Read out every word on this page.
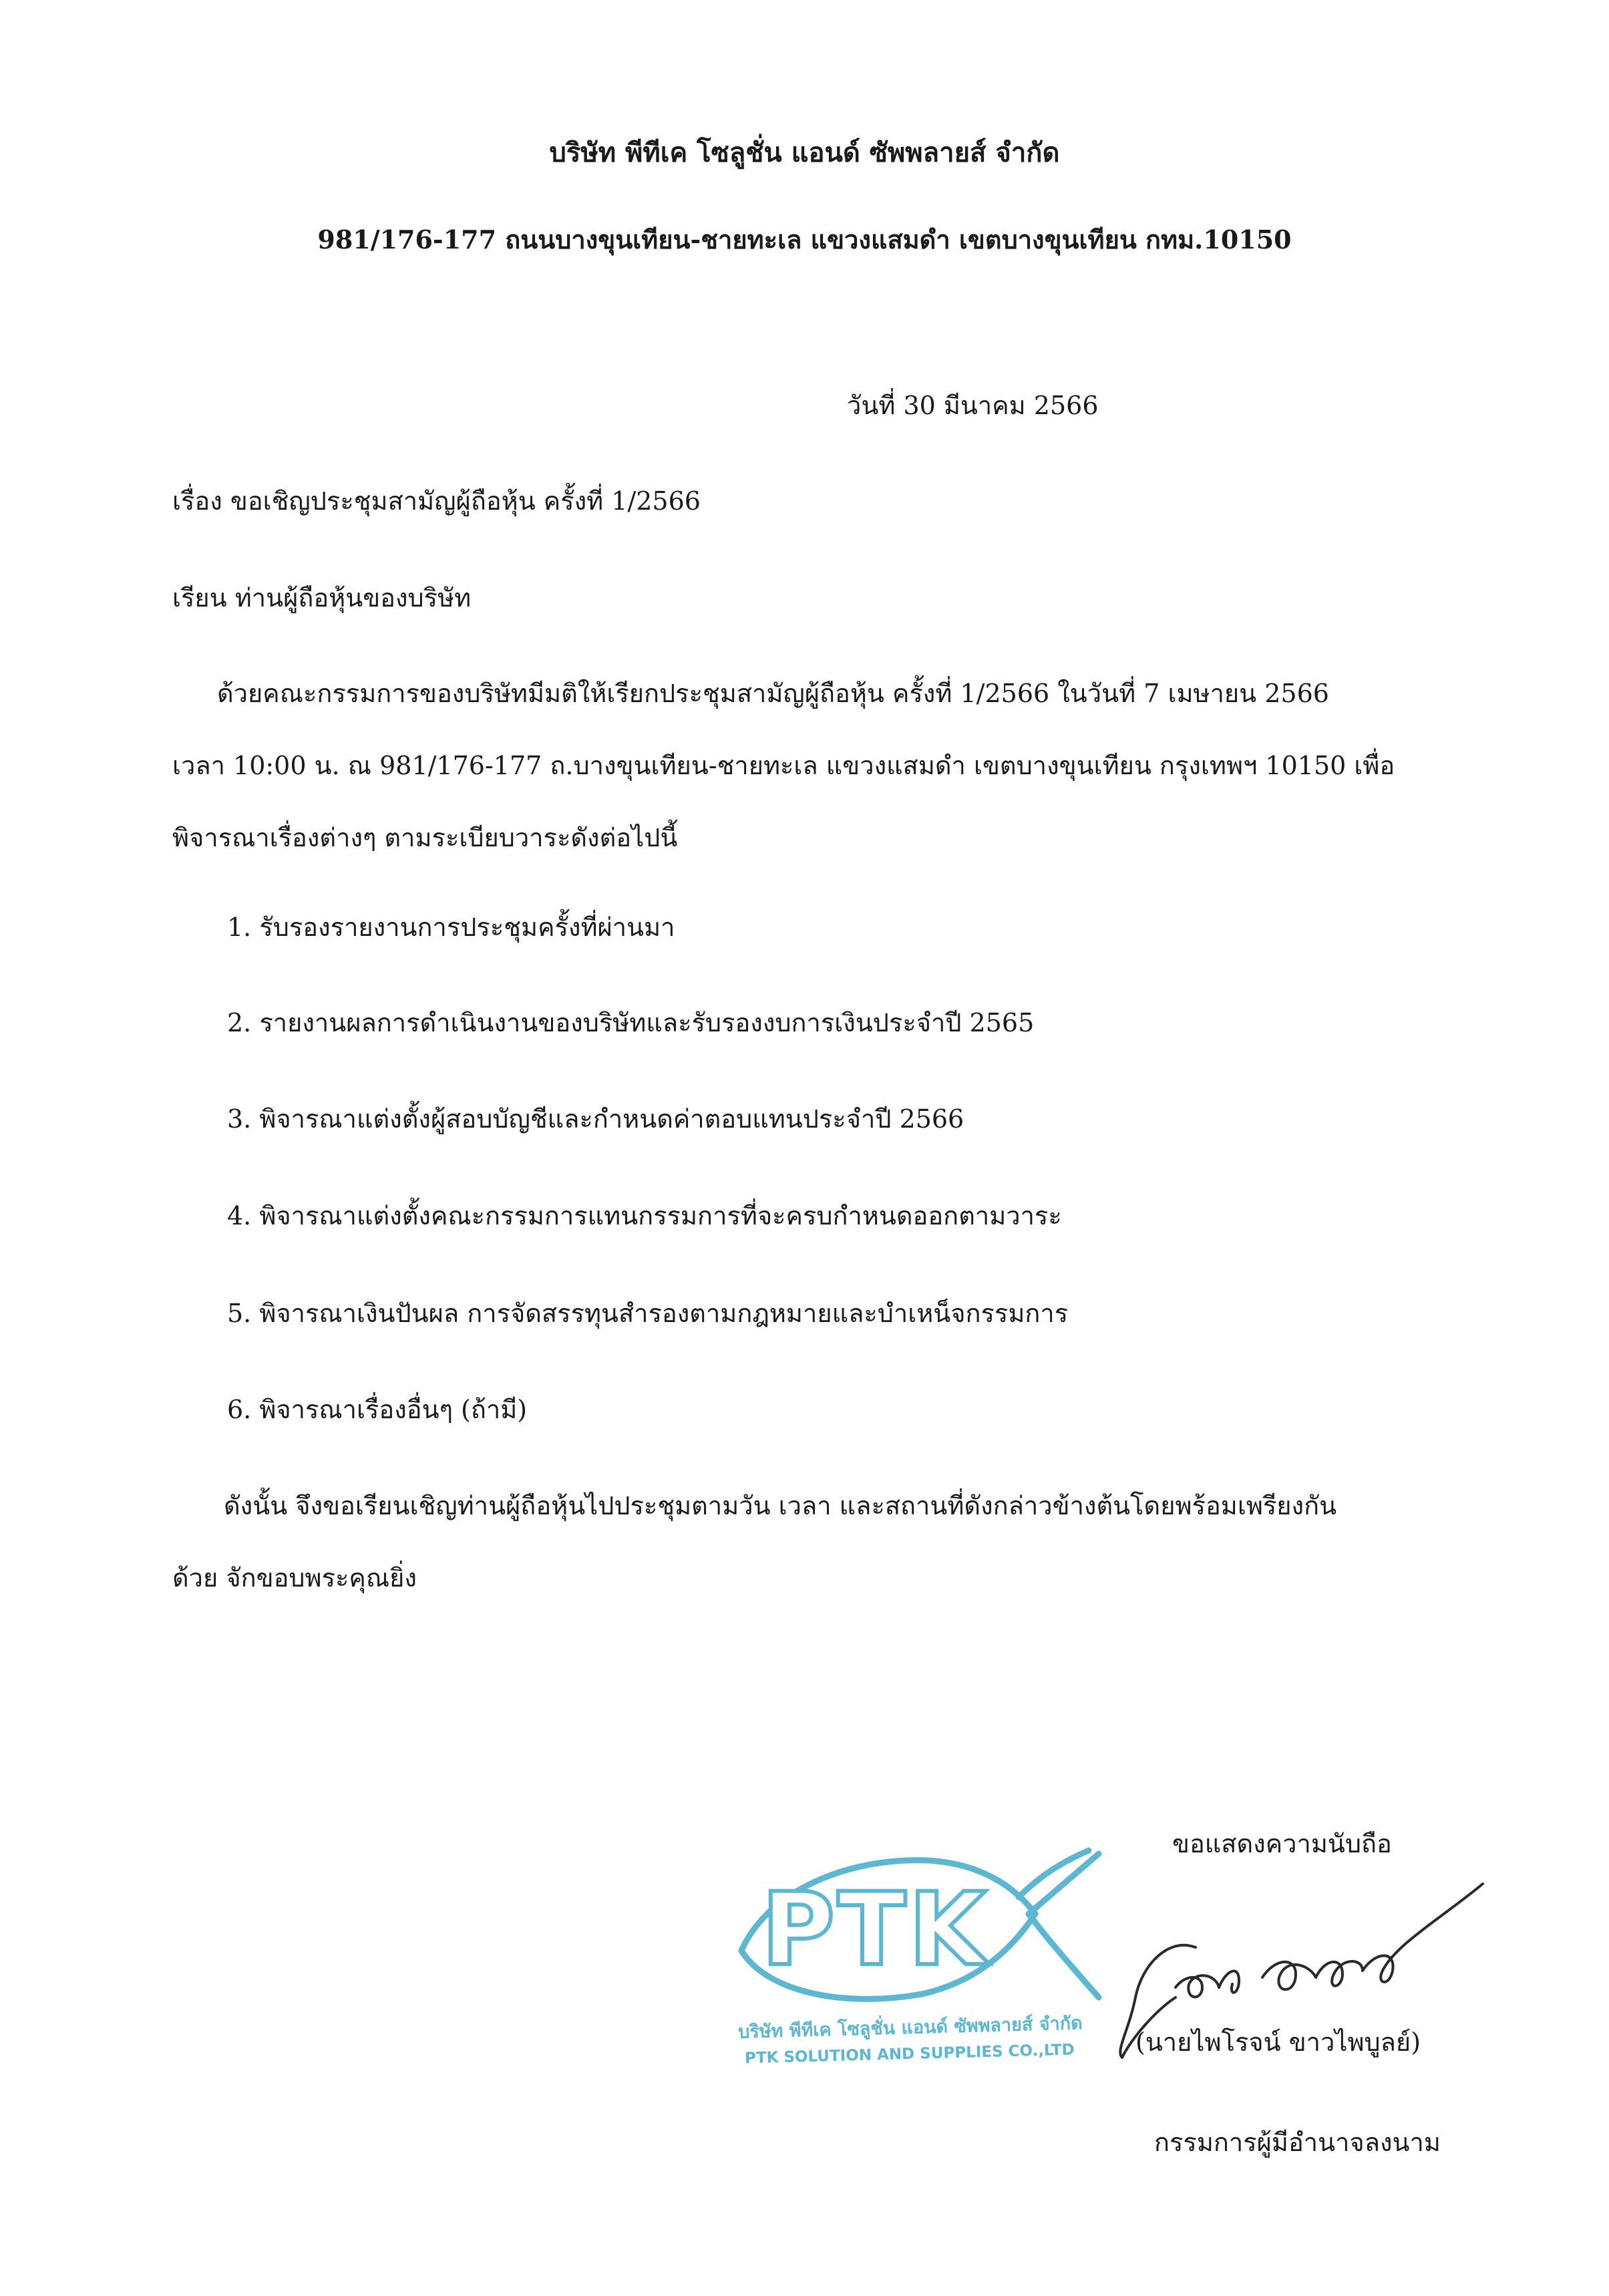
บริษัท พีทีเค โซลูชั่น แอนด์ ซัพพลายส์ จำกัด
981/176-177 ถนนบางขุนเทียน-ชายทะเล แขวงแสมดำ เขตบางขุนเทียน กทม.10150
วันที่ 30 มีนาคม 2566
เรื่อง ขอเชิญประชุมสามัญผู้ถือหุ้น ครั้งที่ 1/2566
เรียน ท่านผู้ถือหุ้นของบริษัท
ด้วยคณะกรรมการของบริษัทมีมติให้เรียกประชุมสามัญผู้ถือหุ้น ครั้งที่ 1/2566 ในวันที่ 7 เมษายน 2566
เวลา 10:00 น. ณ 981/176-177 ถ.บางขุนเทียน-ชายทะเล แขวงแสมดำ เขตบางขุนเทียน กรุงเทพฯ 10150 เพื่อ
พิจารณาเรื่องต่างๆ ตามระเบียบวาระดังต่อไปนี้
1. รับรองรายงานการประชุมครั้งที่ผ่านมา
2. รายงานผลการดำเนินงานของบริษัทและรับรองงบการเงินประจำปี 2565
3. พิจารณาแต่งตั้งผู้สอบบัญชีและกำหนดค่าตอบแทนประจำปี 2566
4. พิจารณาแต่งตั้งคณะกรรมการแทนกรรมการที่จะครบกำหนดออกตามวาระ
5. พิจารณาเงินปันผล การจัดสรรทุนสำรองตามกฎหมายและบำเหน็จกรรมการ
6. พิจารณาเรื่องอื่นๆ (ถ้ามี)
ดังนั้น จึงขอเรียนเชิญท่านผู้ถือหุ้นไปประชุมตามวัน เวลา และสถานที่ดังกล่าวข้างต้นโดยพร้อมเพรียงกัน
ด้วย จักขอบพระคุณยิ่ง
PTK
บริษัท พีทีเค โซลูชั่น แอนด์ ซัพพลายส์ จำกัด
PTK SOLUTION AND SUPPLIES CO.,LTD
ขอแสดงความนับถือ
(นายไพโรจน์ ขาวไพบูลย์)
กรรมการผู้มีอำนาจลงนาม
